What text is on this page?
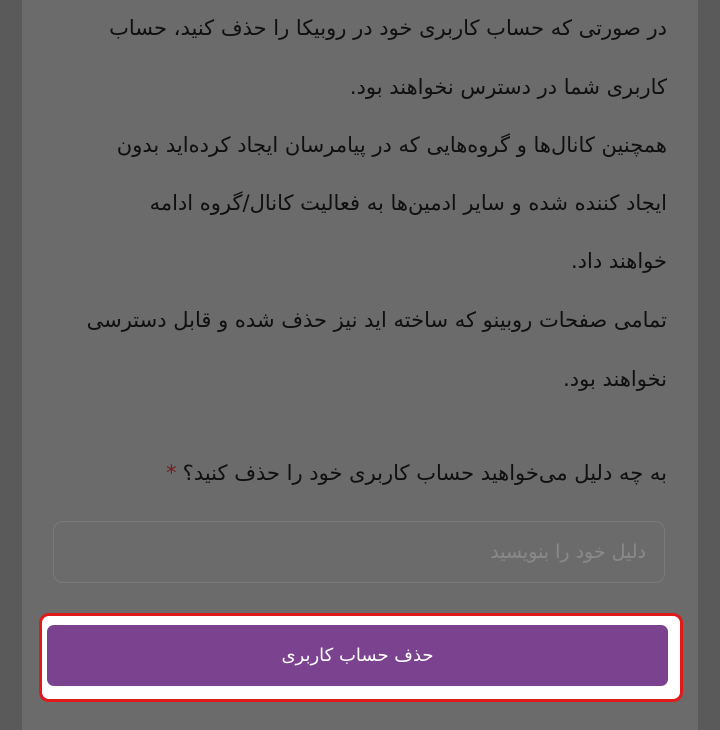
در صورتی که حساب کاربری خود در روبیکا را حذف کنید، حساب
کاربری شما در دسترس نخواهند بود.
همچنین کانال‌ها و گروه‌هایی که در پیامرسان ایجاد کرده‌اید بدون
ایجاد کننده شده و سایر ادمین‌ها به فعالیت کانال/گروه ادامه
خواهند داد.
تمامی صفحات روبینو که ساخته اید نیز حذف شده و قابل دسترسی
نخواهند بود.
به چه دلیل می‌خواهید حساب کاربری خود را حذف کنید؟*
دلیل خود را بنویسید
حذف حساب کاربری
